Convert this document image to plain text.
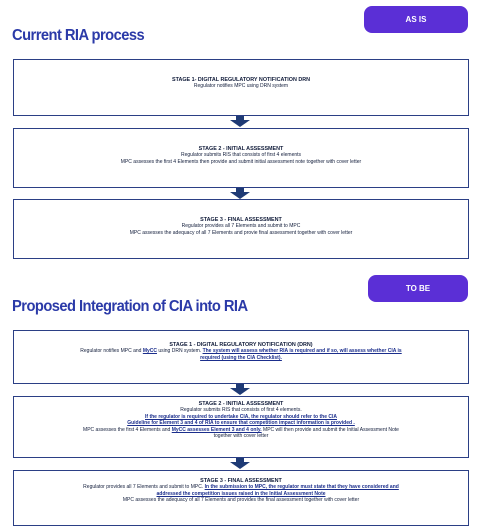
AS IS
Current RIA process
STAGE 1- DIGITAL REGULATORY NOTIFICATION DRN
Regulator notifies MPC using DRN system
STAGE 2 - INITIAL ASSESSMENT
Regulator submits RIS that consists of first 4 elements
MPC assesses the first 4 Elements then provide and submit initial assessment note together with cover letter
STAGE 3 - FINAL ASSESSMENT
Regulator provides all 7 Elements and submit to MPC
MPC assesses the adequacy of all 7 Elements and provie final assessment together with cover letter
TO BE
Proposed Integration of CIA into RIA
STAGE 1 - DIGITAL REGULATORY NOTIFICATION (DRN)
Regulator notifies MPC and MyCC using DRN system. The system will assess whether RIA is required and if so, will assess whether CIA is
required (using the CIA Checklist).
STAGE 2 - INITIAL ASSESSMENT
Regulator submits RIS that consists of first 4 elements.
If the regulator is required to undertake CIA, the regulator should refer to the CIA
Guideline for Element 3 and 4 of RIA to ensure that competition impact information is provided .
MPC assesses the first 4 Elements and MyCC assesses Element 3 and 4 only. MPC will then provide and submit the Initial Assessment Note
together with cover letter
STAGE 3 - FINAL ASSESSMENT
Regulator provides all 7 Elements and submit to MPC. In the submission to MPC, the regulator must state that they have considered and
addressed the competition issues raised in the Initial Assessment Note
MPC assesses the adequacy of all 7 Elements and provides the final assessment together with cover letter
